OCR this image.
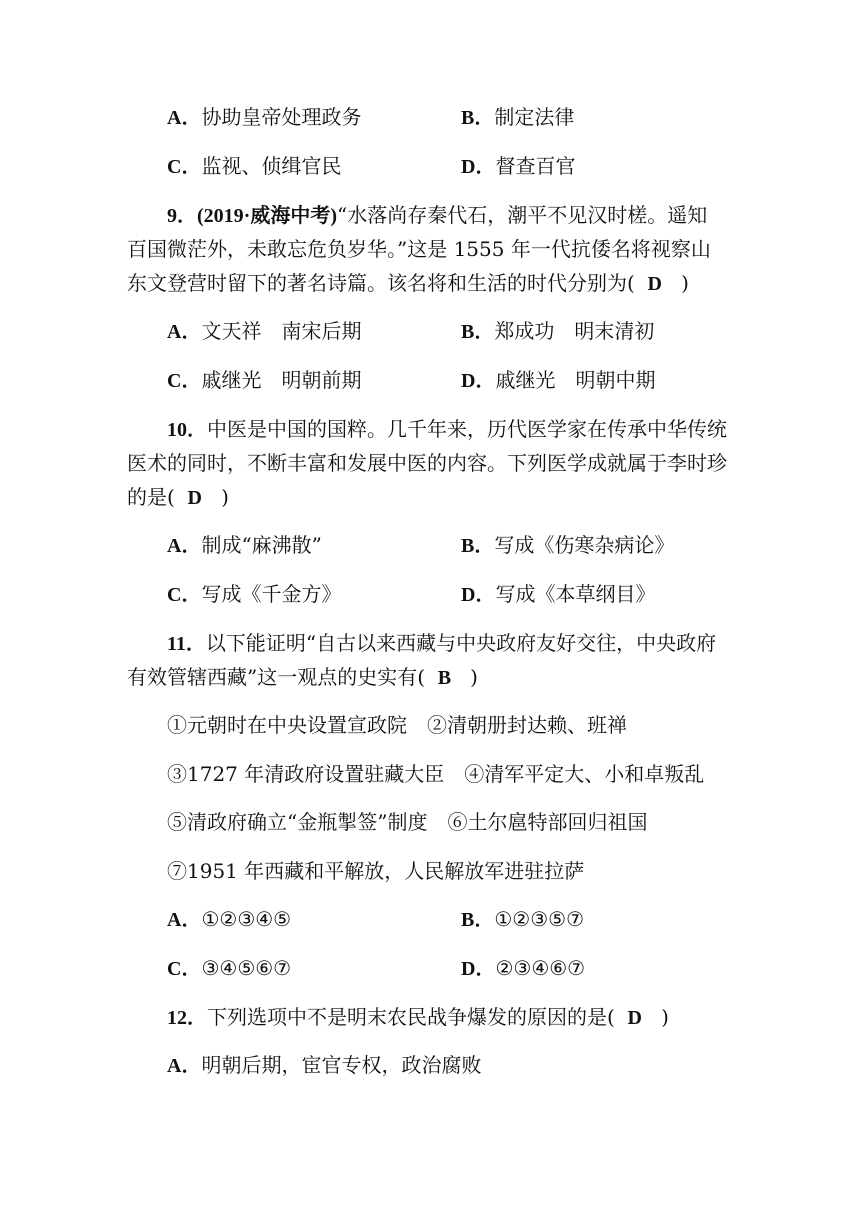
A．协助皇帝处理政务	B．制定法律
C．监视、侦缉官民	D．督查百官
9．(2019·威海中考)“水落尚存秦代石，潮平不见汉时槎。遥知
百国微茫外，未敢忘危负岁华。”这是 1555 年一代抗倭名将视察山
东文登营时留下的著名诗篇。该名将和生活的时代分别为( D )
A．文天祥　南宋后期	B．郑成功　明末清初
C．戚继光　明朝前期	D．戚继光　明朝中期
10．中医是中国的国粹。几千年来，历代医学家在传承中华传统
医术的同时，不断丰富和发展中医的内容。下列医学成就属于李时珍
的是( D )
A．制成“麻沸散”	B．写成《伤寒杂病论》
C．写成《千金方》	D．写成《本草纲目》
11．以下能证明“自古以来西藏与中央政府友好交往，中央政府
有效管辖西藏”这一观点的史实有( B )
①元朝时在中央设置宣政院　②清朝册封达赖、班禅
③1727 年清政府设置驻藏大臣　④清军平定大、小和卓叛乱
⑤清政府确立“金瓶掣签”制度　⑥土尔扈特部回归祖国
⑦1951 年西藏和平解放，人民解放军进驻拉萨
A．①②③④⑤	B．①②③⑤⑦
C．③④⑤⑥⑦	D．②③④⑥⑦
12．下列选项中不是明末农民战争爆发的原因的是( D )
A．明朝后期，宦官专权，政治腐败
